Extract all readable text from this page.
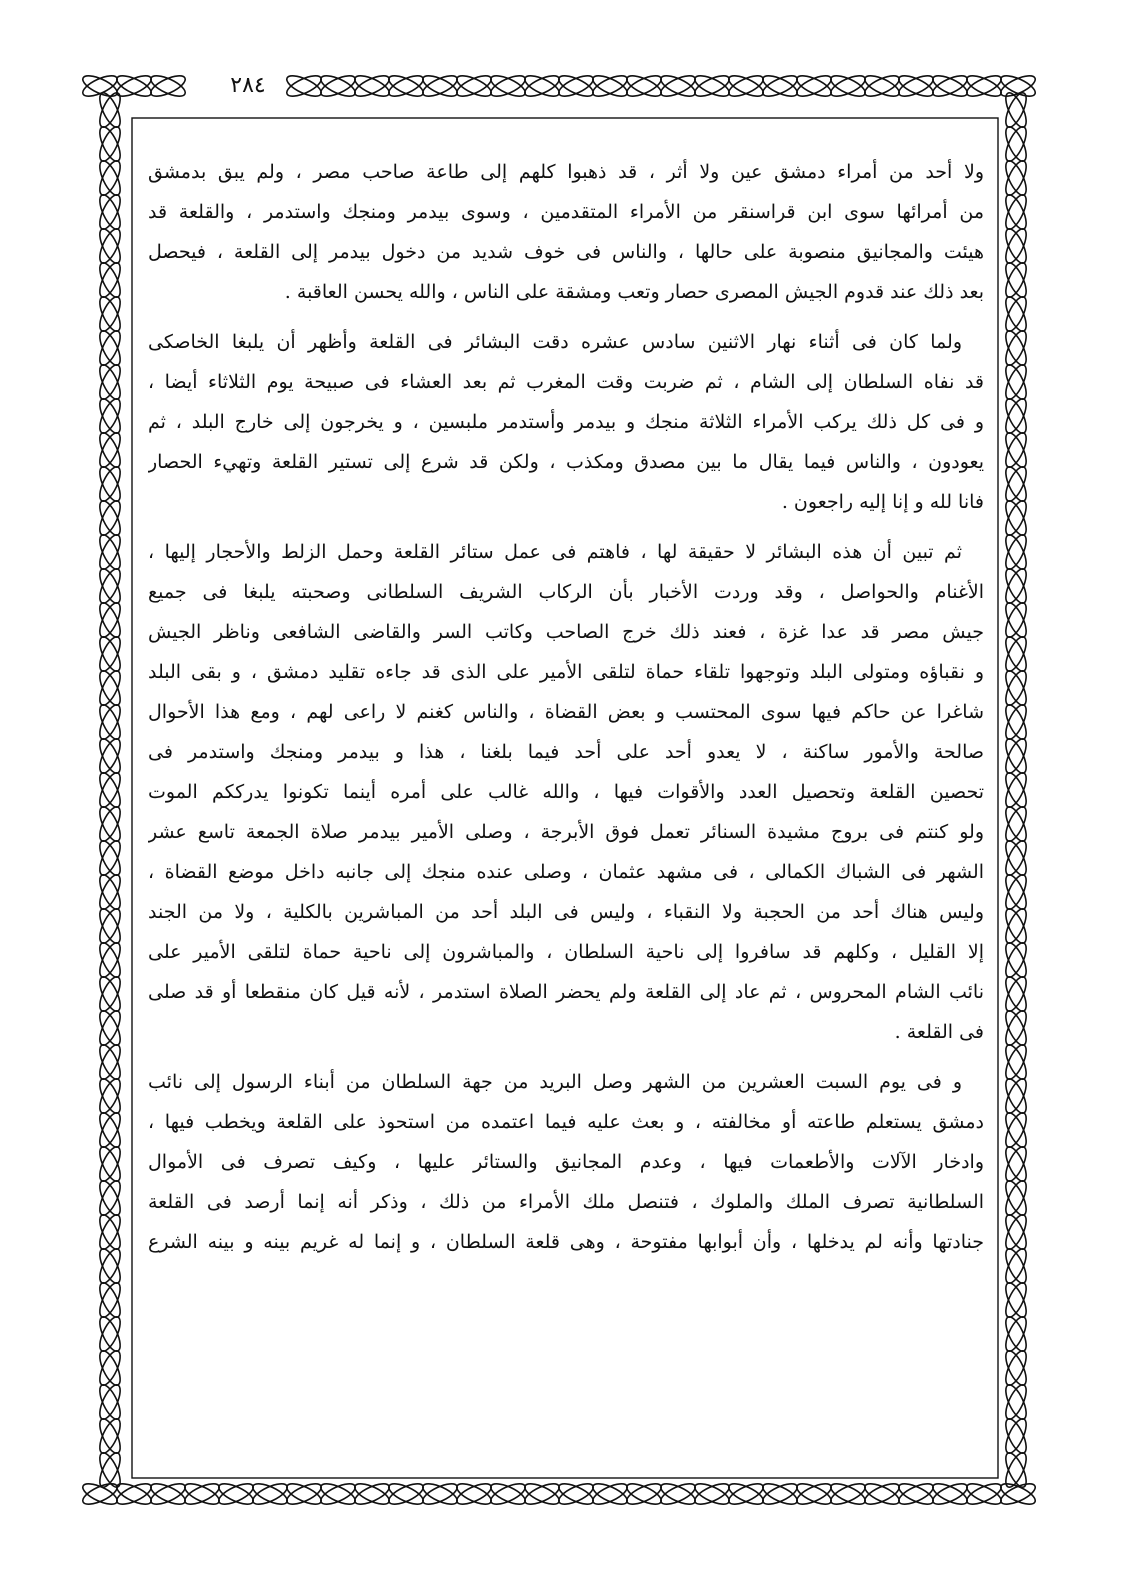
٢٨٤
ولا أحد من أمراء دمشق عين ولا أثر ، قد ذهبوا كلهم إلى طاعة صاحب مصر ، ولم يبق بدمشق
من أمرائها سوى ابن قراسنقر من الأمراء المتقدمين ، وسوى بيدمر ومنجك واستدمر ، والقلعة قد
هيئت والمجانيق منصوبة على حالها ، والناس فى خوف شديد من دخول بيدمر إلى القلعة ، فيحصل
بعد ذلك عند قدوم الجيش المصرى حصار وتعب ومشقة على الناس ، والله يحسن العاقبة .
ولما كان فى أثناء نهار الاثنين سادس عشره دقت البشائر فى القلعة وأظهر أن يلبغا الخاصكى
قد نفاه السلطان إلى الشام ، ثم ضربت وقت المغرب ثم بعد العشاء فى صبيحة يوم الثلاثاء أيضا ،
و فى كل ذلك يركب الأمراء الثلاثة منجك و بيدمر وأستدمر ملبسين ، و يخرجون إلى خارج البلد ، ثم
يعودون ، والناس فيما يقال ما بين مصدق ومكذب ، ولكن قد شرع إلى تستير القلعة وتهيء الحصار
فانا لله و إنا إليه راجعون .
ثم تبين أن هذه البشائر لا حقيقة لها ، فاهتم فى عمل ستائر القلعة وحمل الزلط والأحجار إليها ،
الأغنام والحواصل ، وقد وردت الأخبار بأن الركاب الشريف السلطانى وصحبته يلبغا فى جميع
جيش مصر قد عدا غزة ، فعند ذلك خرج الصاحب وكاتب السر والقاضى الشافعى وناظر الجيش
و نقباؤه ومتولى البلد وتوجهوا تلقاء حماة لتلقى الأمير على الذى قد جاءه تقليد دمشق ، و بقى البلد
شاغرا عن حاكم فيها سوى المحتسب و بعض القضاة ، والناس كغنم لا راعى لهم ، ومع هذا الأحوال
صالحة والأمور ساكنة ، لا يعدو أحد على أحد فيما بلغنا ، هذا و بيدمر ومنجك واستدمر فى
تحصين القلعة وتحصيل العدد والأقوات فيها ، والله غالب على أمره أينما تكونوا يدرككم الموت
ولو كنتم فى بروج مشيدة السنائر تعمل فوق الأبرجة ، وصلى الأمير بيدمر صلاة الجمعة تاسع عشر
الشهر فى الشباك الكمالى ، فى مشهد عثمان ، وصلى عنده منجك إلى جانبه داخل موضع القضاة ،
وليس هناك أحد من الحجبة ولا النقباء ، وليس فى البلد أحد من المباشرين بالكلية ، ولا من الجند
إلا القليل ، وكلهم قد سافروا إلى ناحية السلطان ، والمباشرون إلى ناحية حماة لتلقى الأمير على
نائب الشام المحروس ، ثم عاد إلى القلعة ولم يحضر الصلاة استدمر ، لأنه قيل كان منقطعا أو قد صلى
فى القلعة .
و فى يوم السبت العشرين من الشهر وصل البريد من جهة السلطان من أبناء الرسول إلى نائب
دمشق يستعلم طاعته أو مخالفته ، و بعث عليه فيما اعتمده من استحوذ على القلعة ويخطب فيها ،
وادخار الآلات والأطعمات فيها ، وعدم المجانيق والستائر عليها ، وكيف تصرف فى الأموال
السلطانية تصرف الملك والملوك ، فتنصل ملك الأمراء من ذلك ، وذكر أنه إنما أرصد فى القلعة
جنادتها وأنه لم يدخلها ، وأن أبوابها مفتوحة ، وهى قلعة السلطان ، و إنما له غريم بينه و بينه الشرع
